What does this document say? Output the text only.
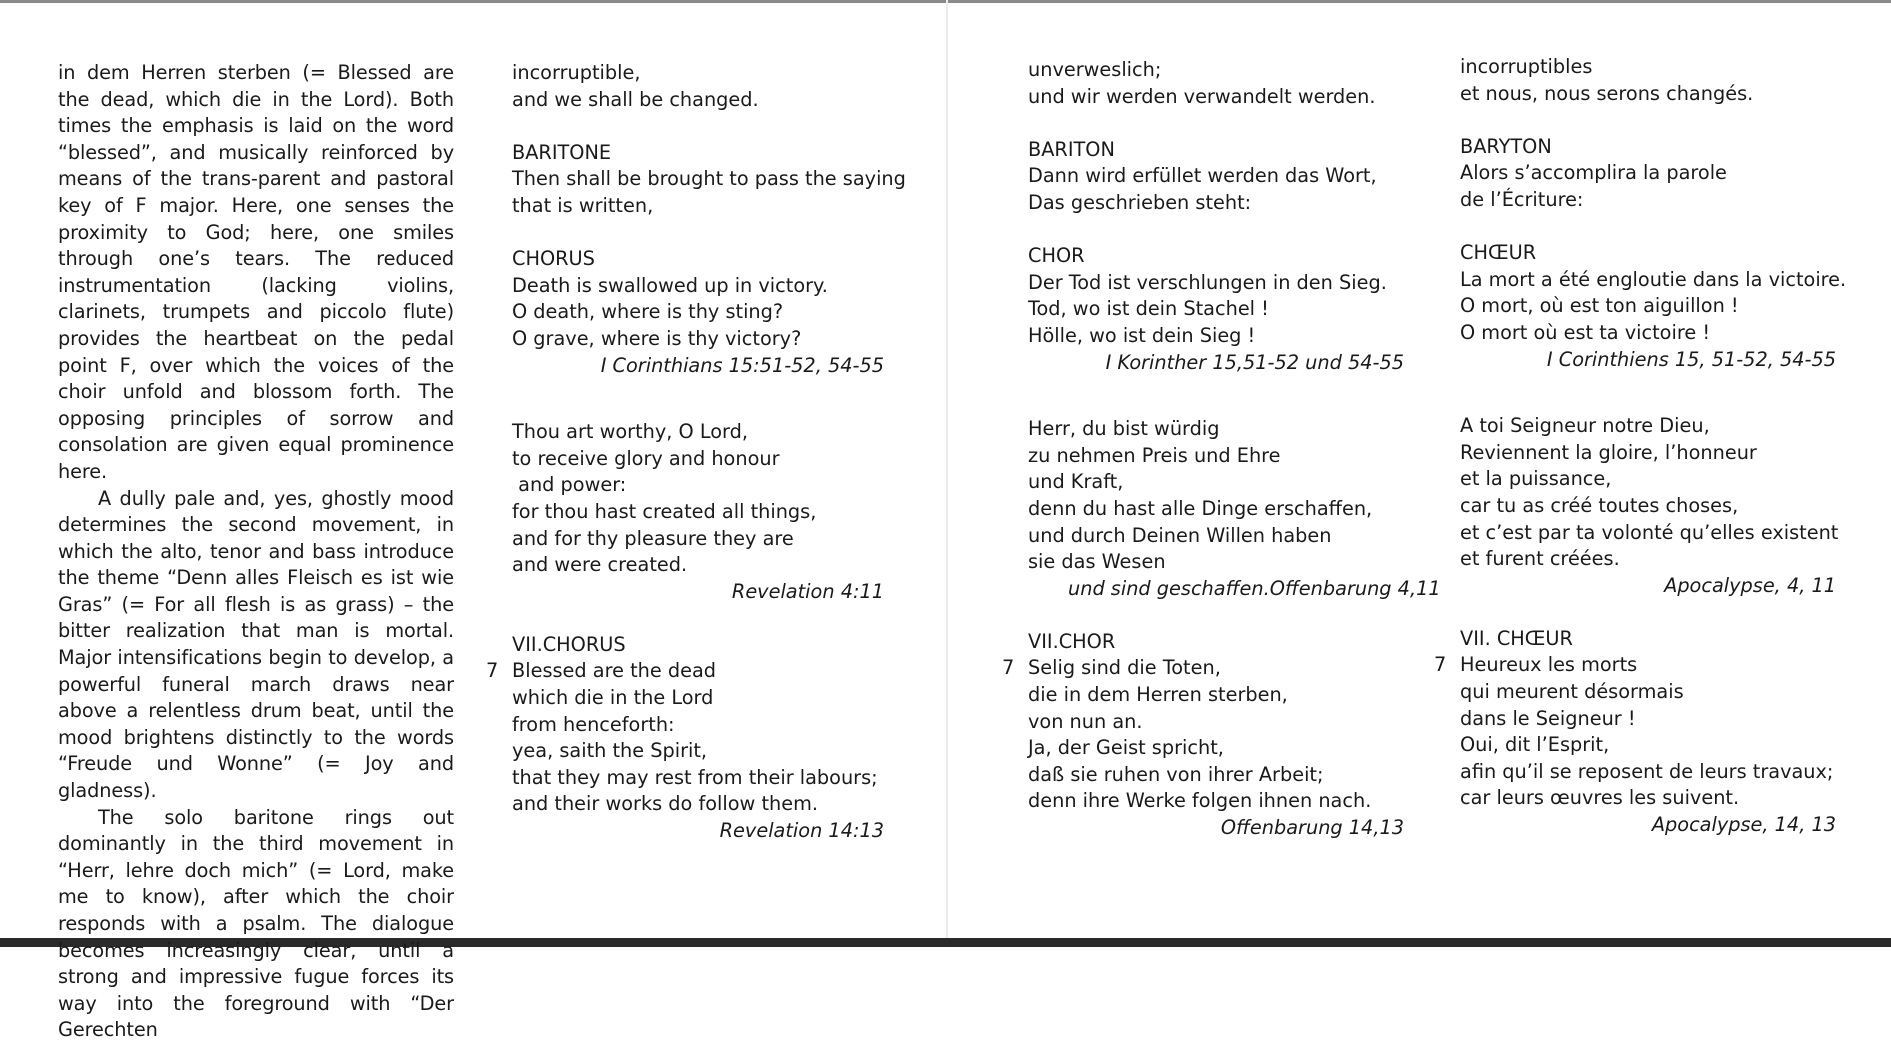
in dem Herren sterben (= Blessed are the dead, which die in the Lord). Both times the emphasis is laid on the word “blessed”, and musically reinforced by means of the trans-parent and pastoral key of F major. Here, one senses the proximity to God; here, one smiles through one’s tears. The reduced instrumentation (lacking violins, clarinets, trumpets and piccolo flute) provides the heartbeat on the pedal point F, over which the voices of the choir unfold and blossom forth. The opposing principles of sorrow and consolation are given equal prominence here.

A dully pale and, yes, ghostly mood determines the second movement, in which the alto, tenor and bass introduce the theme “Denn alles Fleisch es ist wie Gras” (= For all flesh is as grass) – the bitter realization that man is mortal. Major intensifications begin to develop, a powerful funeral march draws near above a relentless drum beat, until the mood brightens distinctly to the words “Freude und Wonne” (= Joy and gladness).

The solo baritone rings out dominantly in the third movement in “Herr, lehre doch mich” (= Lord, make me to know), after which the choir responds with a psalm. The dialogue becomes increasingly clear, until a strong and impressive fugue forces its way into the foreground with “Der Gerechten

incorruptible,
and we shall be changed.
BARITONE
Then shall be brought to pass the saying
that is written,
CHORUS
Death is swallowed up in victory.
O death, where is thy sting?
O grave, where is thy victory?
I Corinthians 15:51-52, 54-55
Thou art worthy, O Lord,
to receive glory and honour
and power:
for thou hast created all things,
and for thy pleasure they are
and were created.
Revelation 4:11
VII.CHORUS
7 Blessed are the dead
which die in the Lord
from henceforth:
yea, saith the Spirit,
that they may rest from their labours;
and their works do follow them.
Revelation 14:13
unverweslich;
und wir werden verwandelt werden.
BARITON
Dann wird erfüllet werden das Wort,
Das geschrieben steht:
CHOR
Der Tod ist verschlungen in den Sieg.
Tod, wo ist dein Stachel !
Hölle, wo ist dein Sieg !
I Korinther 15,51-52 und 54-55
Herr, du bist würdig
zu nehmen Preis und Ehre
und Kraft,
denn du hast alle Dinge erschaffen,
und durch Deinen Willen haben
sie das Wesen
und sind geschaffen.Offenbarung 4,11
VII.CHOR
7 Selig sind die Toten,
die in dem Herren sterben,
von nun an.
Ja, der Geist spricht,
daß sie ruhen von ihrer Arbeit;
denn ihre Werke folgen ihnen nach.
Offenbarung 14,13
incorruptibles
et nous, nous serons changés.
BARYTON
Alors s’accomplira la parole
de l’Écriture:
CHŒUR
La mort a été engloutie dans la victoire.
O mort, où est ton aiguillon !
O mort où est ta victoire !
I Corinthiens 15, 51-52, 54-55
A toi Seigneur notre Dieu,
Reviennent la gloire, l’honneur
et la puissance,
car tu as créé toutes choses,
et c’est par ta volonté qu’elles existent
et furent créées.
Apocalypse, 4, 11
VII. CHŒUR
7 Heureux les morts
qui meurent désormais
dans le Seigneur !
Oui, dit l’Esprit,
afin qu’il se reposent de leurs travaux;
car leurs œuvres les suivent.
Apocalypse, 14, 13
